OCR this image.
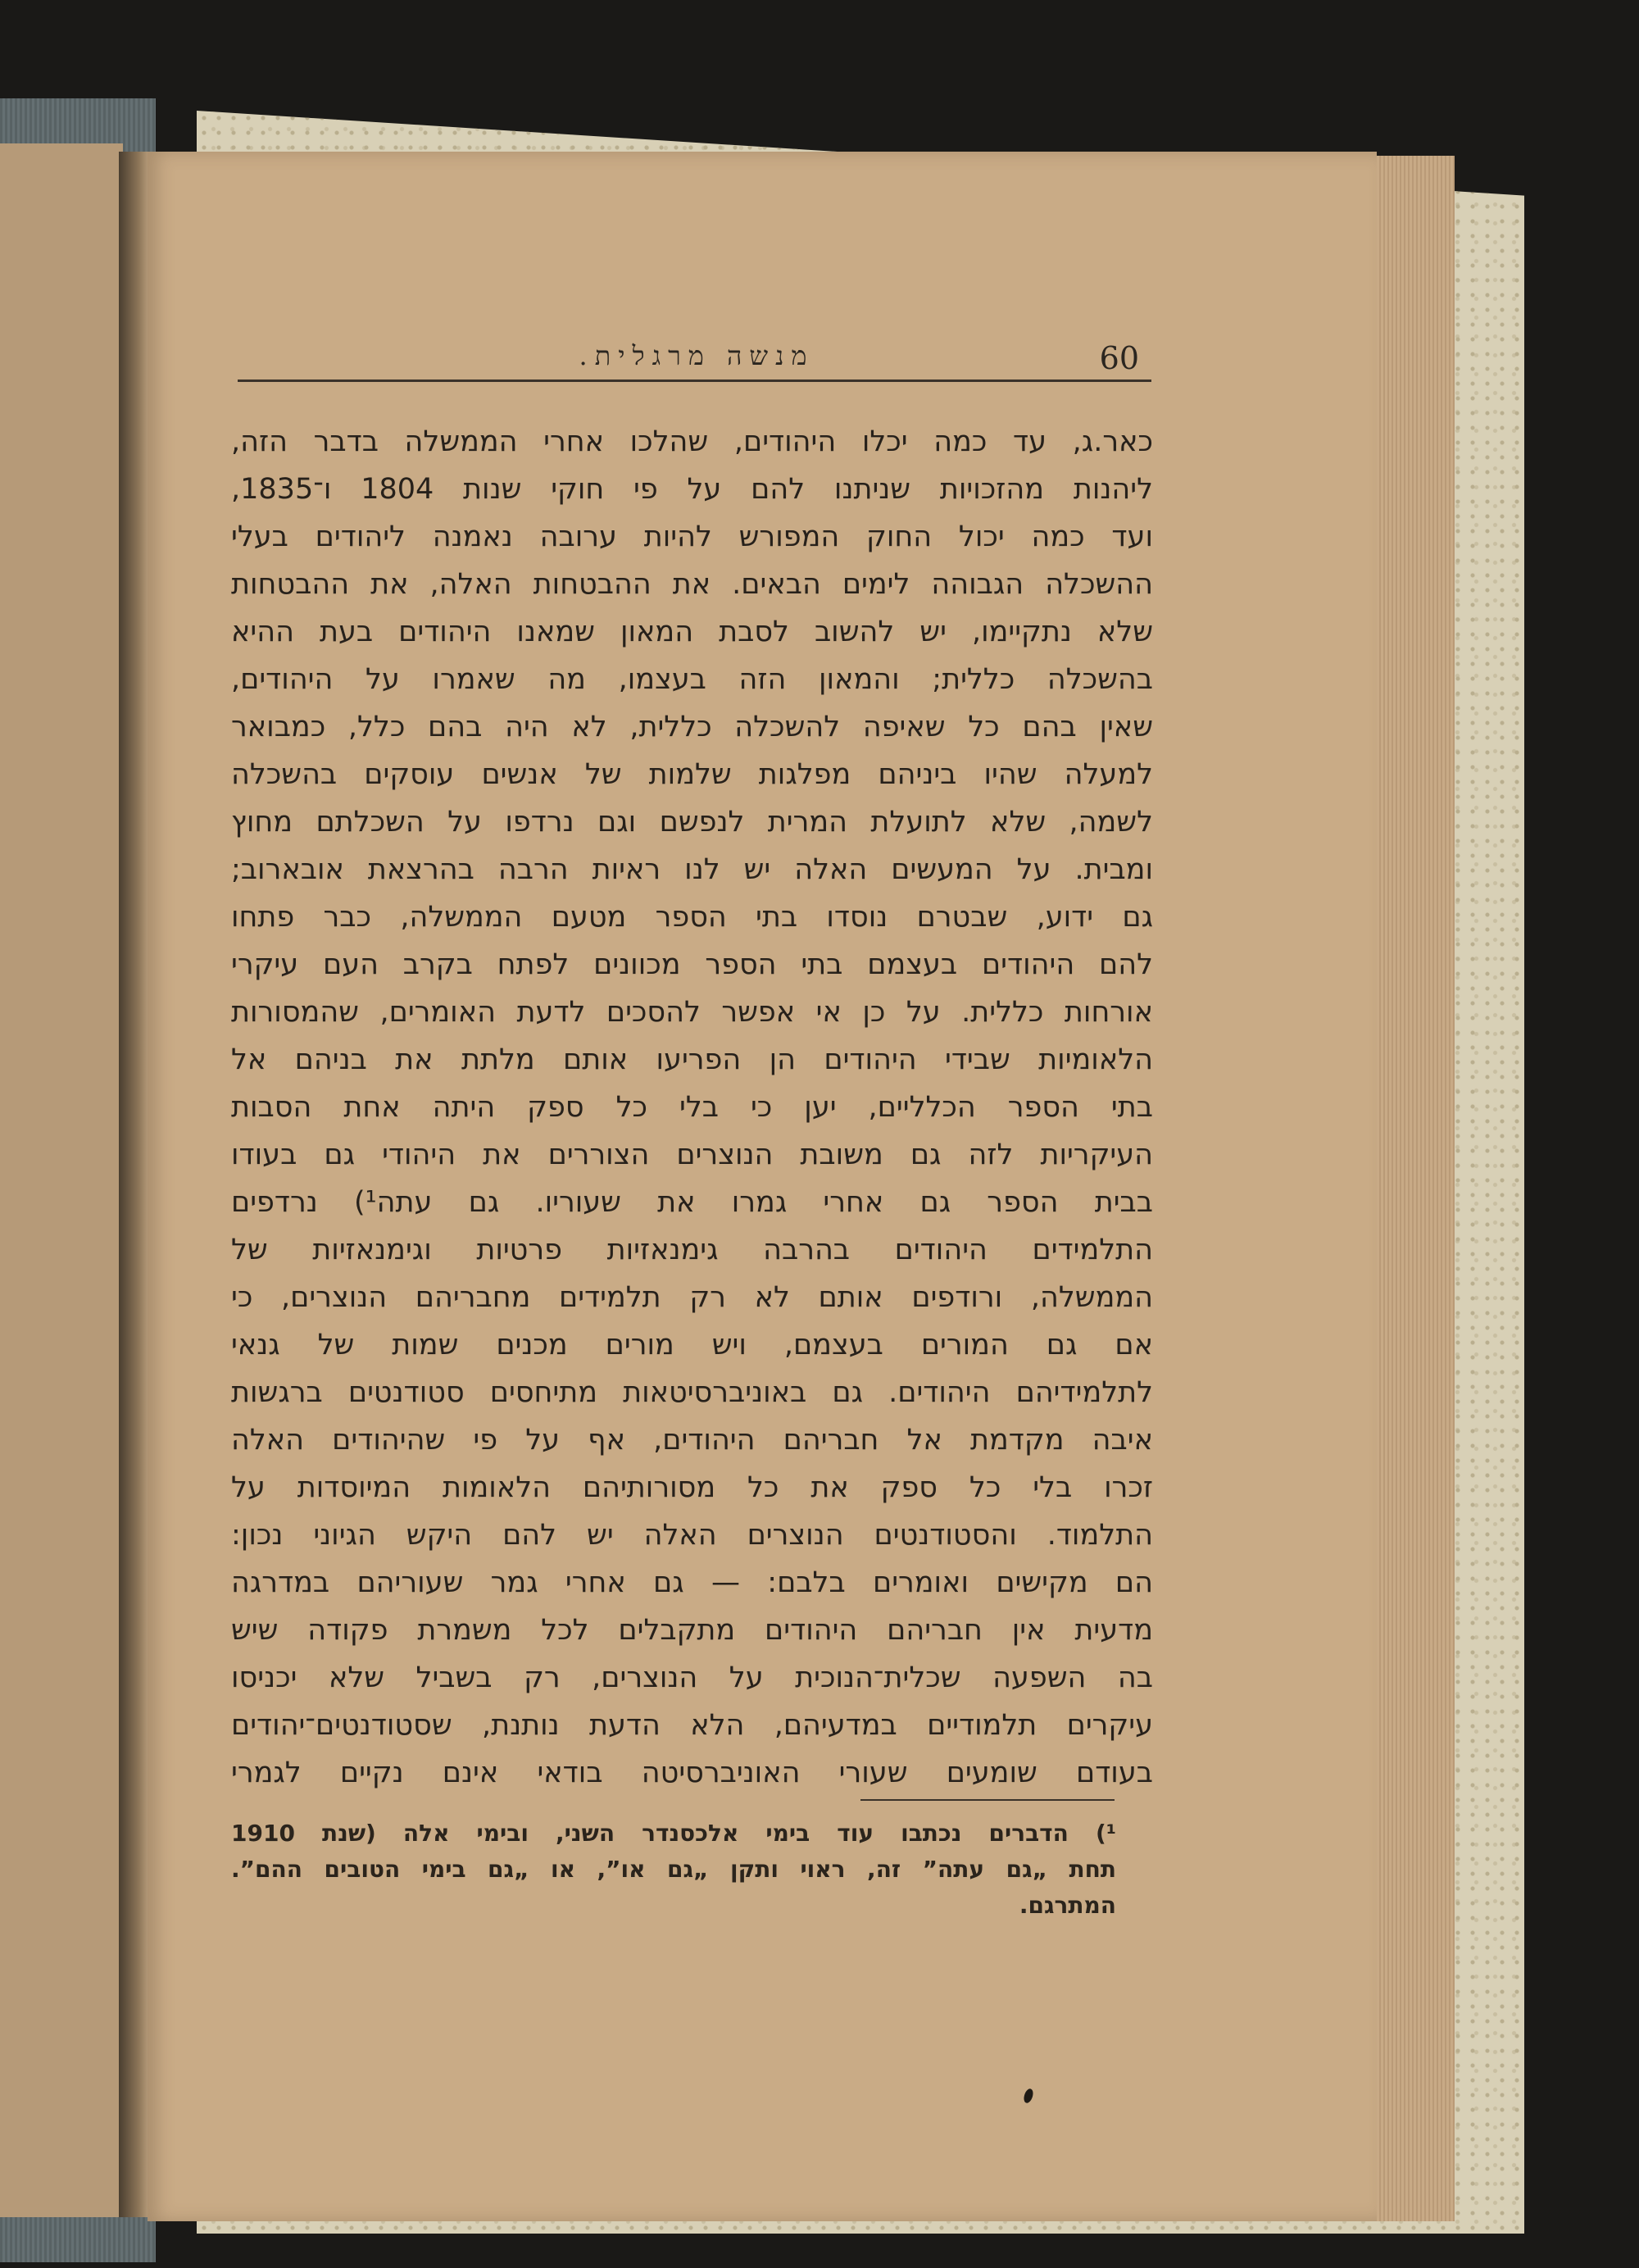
מנשה מרגלית.	60
כאר.ג, עד כמה יכלו היהודים, שהלכו אחרי הממשלה בדבר הזה,
ליהנות מהזכויות שניתנו להם על פי חוקי שנות 1804 ו־1835,
ועד כמה יכול החוק המפורש להיות ערובה נאמנה ליהודים בעלי
ההשכלה הגבוהה לימים הבאים. את ההבטחות האלה, את ההבטחות
שלא נתקיימו, יש להשוב לסבת המאון שמאנו היהודים בעת ההיא
בהשכלה כללית; והמאון הזה בעצמו, מה שאמרו על היהודים,
שאין בהם כל שאיפה להשכלה כללית, לא היה בהם כלל, כמבואר
למעלה שהיו ביניהם מפלגות שלמות של אנשים עוסקים בהשכלה
לשמה, שלא לתועלת המרית לנפשם וגם נרדפו על השכלתם מחוץ
ומבית. על המעשים האלה יש לנו ראיות הרבה בהרצאת אובארוב;
גם ידוע, שבטרם נוסדו בתי הספר מטעם הממשלה, כבר פתחו
להם היהודים בעצמם בתי הספר מכוונים לפתח בקרב העם עיקרי
אורחות כללית. על כן אי אפשר להסכים לדעת האומרים, שהמסורות
הלאומיות שבידי היהודים הן הפריעו אותם מלתת את בניהם אל
בתי הספר הכלליים, יען כי בלי כל ספק היתה אחת הסבות
העיקריות לזה גם משובת הנוצרים הצוררים את היהודי גם בעודו
בבית הספר גם אחרי גמרו את שעוריו. גם עתה¹) נרדפים
התלמידים היהודים בהרבה גימנאזיות פרטיות וגימנאזיות של
הממשלה, ורודפים אותם לא רק תלמידים מחבריהם הנוצרים, כי
אם גם המורים בעצמם, ויש מורים מכנים שמות של גנאי
לתלמידיהם היהודים. גם באוניברסיטאות מתיחסים סטודנטים ברגשות
איבה מקדמת אל חבריהם היהודים, אף על פי שהיהודים האלה
זכרו בלי כל ספק את כל מסורותיהם הלאומות המיוסדות על
התלמוד. והסטודנטים הנוצרים האלה יש להם היקש הגיוני נכון:
הם מקישים ואומרים בלבם: — גם אחרי גמר שעוריהם במדרגה
מדעית אין חבריהם היהודים מתקבלים לכל משמרת פקודה שיש
בה השפעה שכלית־הנוכית על הנוצרים, רק בשביל שלא יכניסו
עיקרים תלמודיים במדעיהם, הלא הדעת נותנת, שסטודנטים־יהודים
בעודם שומעים שעורי האוניברסיטה בודאי אינם נקיים לגמרי
¹) הדברים נכתבו עוד בימי אלכסנדר השני, ובימי אלה (שנת 1910
תחת „גם עתה” זה, ראוי ותקן „גם או”, או „גם בימי הטובים ההם”.
המתרגם.
